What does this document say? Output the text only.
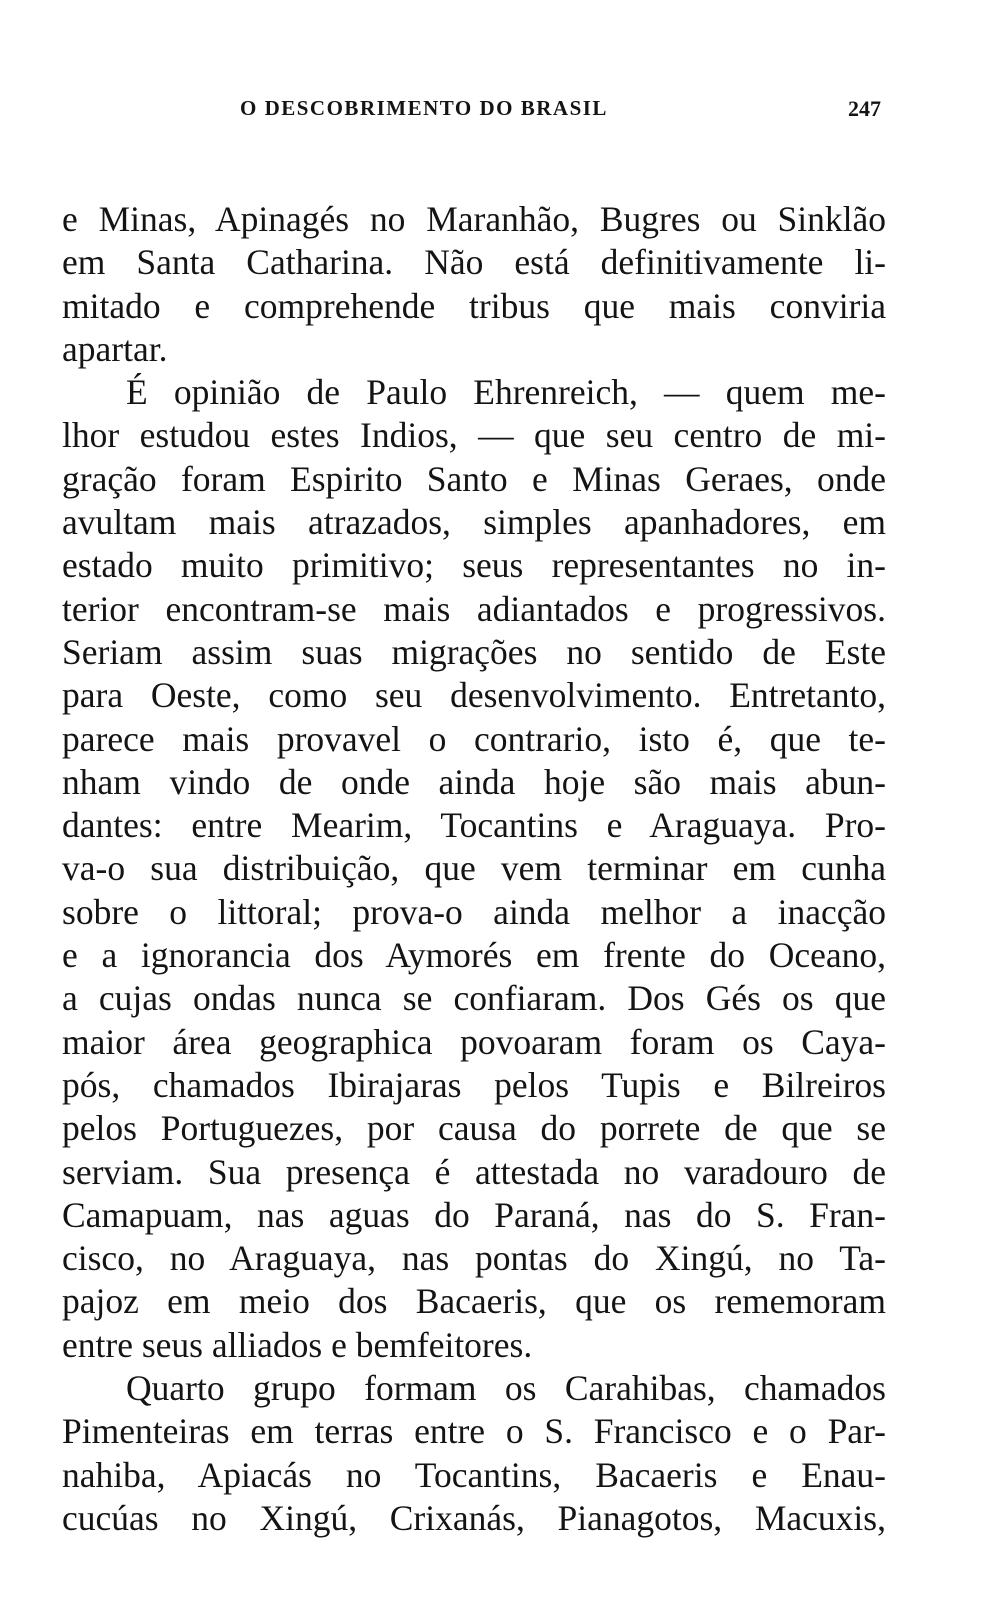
O DESCOBRIMENTO DO BRASIL	247
e Minas, Apinagés no Maranhão, Bugres ou Sinklão
em Santa Catharina. Não está definitivamente li-
mitado e comprehende tribus que mais conviria
apartar.
É opinião de Paulo Ehrenreich, — quem me-
lhor estudou estes Indios, — que seu centro de mi-
gração foram Espirito Santo e Minas Geraes, onde
avultam mais atrazados, simples apanhadores, em
estado muito primitivo; seus representantes no in-
terior encontram-se mais adiantados e progressivos.
Seriam assim suas migrações no sentido de Este
para Oeste, como seu desenvolvimento. Entretanto,
parece mais provavel o contrario, isto é, que te-
nham vindo de onde ainda hoje são mais abun-
dantes: entre Mearim, Tocantins e Araguaya. Pro-
va-o sua distribuição, que vem terminar em cunha
sobre o littoral; prova-o ainda melhor a inacção
e a ignorancia dos Aymorés em frente do Oceano,
a cujas ondas nunca se confiaram. Dos Gés os que
maior área geographica povoaram foram os Caya-
pós, chamados Ibirajaras pelos Tupis e Bilreiros
pelos Portuguezes, por causa do porrete de que se
serviam. Sua presença é attestada no varadouro de
Camapuam, nas aguas do Paraná, nas do S. Fran-
cisco, no Araguaya, nas pontas do Xingú, no Ta-
pajoz em meio dos Bacaeris, que os rememoram
entre seus alliados e bemfeitores.
Quarto grupo formam os Carahibas, chamados
Pimenteiras em terras entre o S. Francisco e o Par-
nahiba, Apiacás no Tocantins, Bacaeris e Enau-
cucúas no Xingú, Crixanás, Pianagotos, Macuxis,
